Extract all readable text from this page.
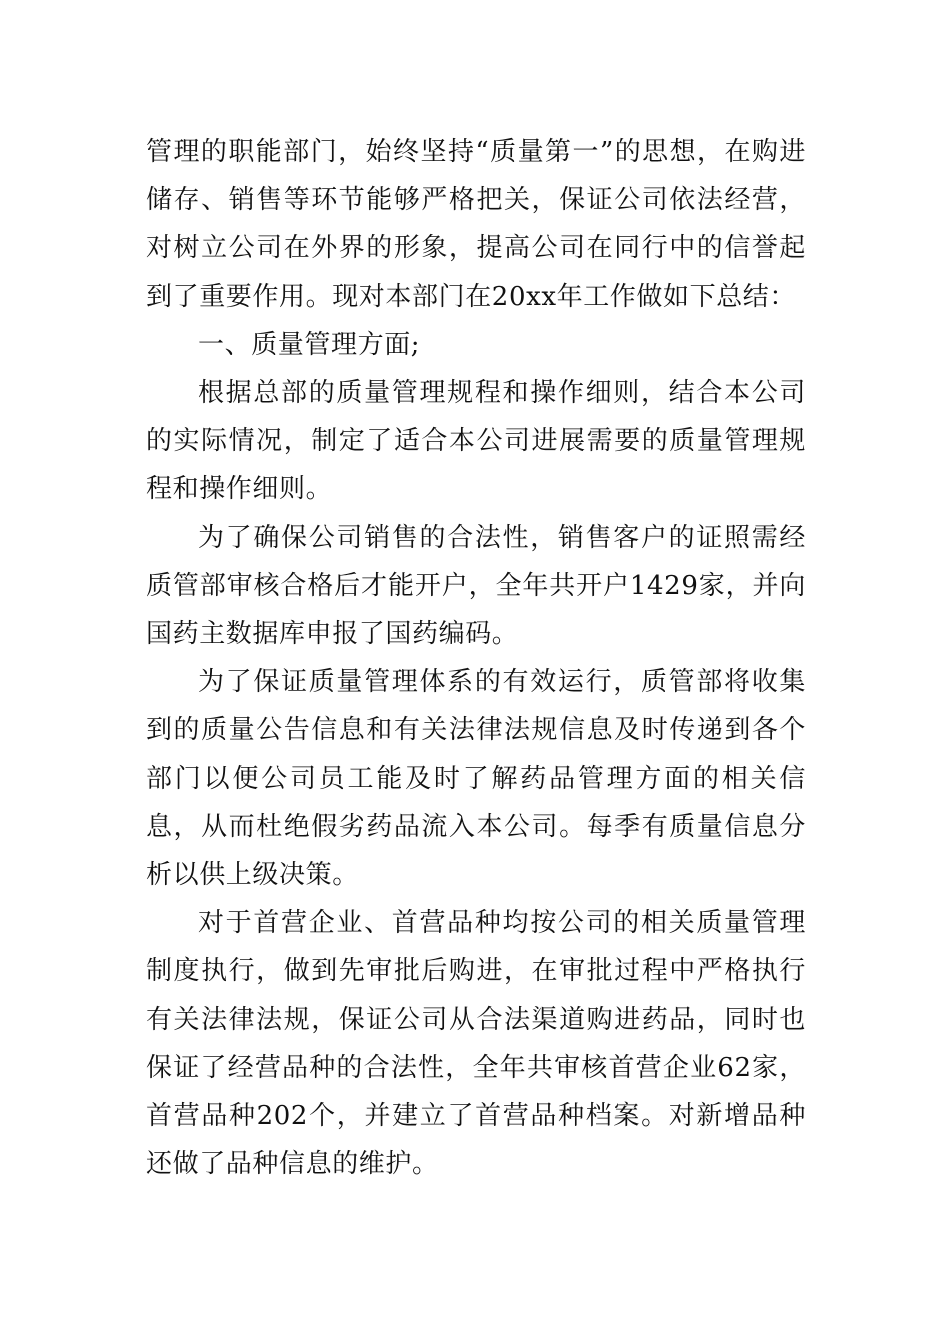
管理的职能部门，始终坚持“质量第一”的思想，在购进储存、销售等环节能够严格把关，保证公司依法经营，对树立公司在外界的形象，提高公司在同行中的信誉起到了重要作用。现对本部门在20xx年工作做如下总结：

一、质量管理方面;

根据总部的质量管理规程和操作细则，结合本公司的实际情况，制定了适合本公司进展需要的质量管理规程和操作细则。

为了确保公司销售的合法性，销售客户的证照需经质管部审核合格后才能开户，全年共开户1429家，并向国药主数据库申报了国药编码。

为了保证质量管理体系的有效运行，质管部将收集到的质量公告信息和有关法律法规信息及时传递到各个部门以便公司员工能及时了解药品管理方面的相关信息，从而杜绝假劣药品流入本公司。每季有质量信息分析以供上级决策。

对于首营企业、首营品种均按公司的相关质量管理制度执行，做到先审批后购进，在审批过程中严格执行有关法律法规，保证公司从合法渠道购进药品，同时也保证了经营品种的合法性，全年共审核首营企业62家，首营品种202个，并建立了首营品种档案。对新增品种还做了品种信息的维护。
